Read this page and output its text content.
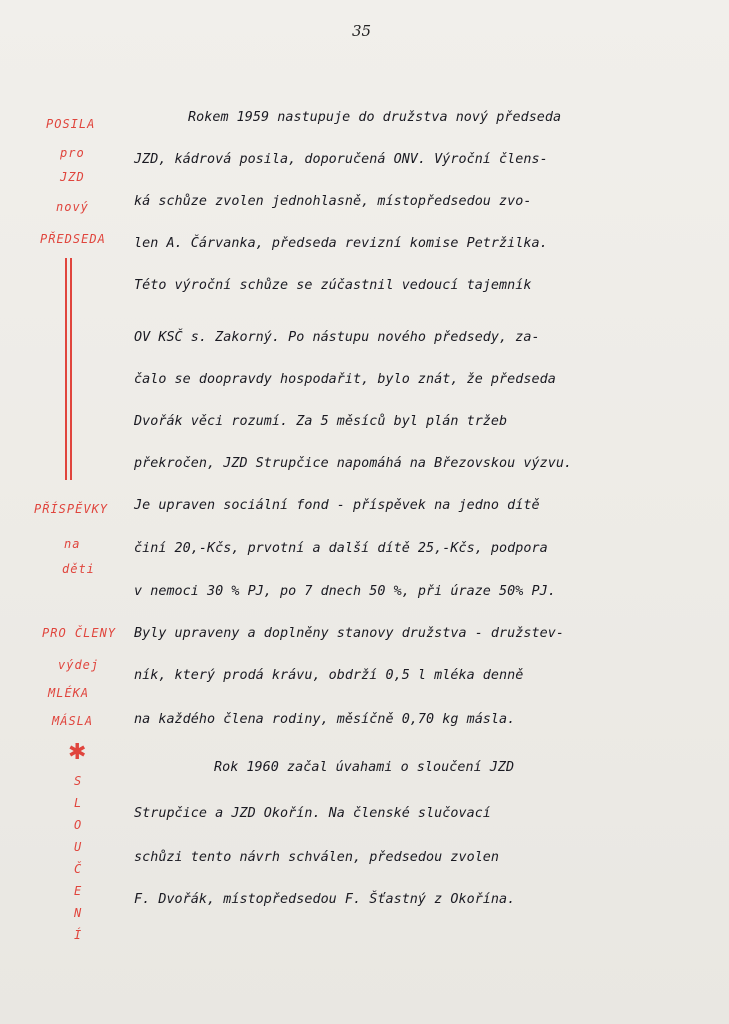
35
POSILA
pro
JZD
nový
PŘEDSEDA
PŘÍSPĚVKY
na
děti
PRO ČLENY
výdej
MLÉKA
MÁSLA
✱
S
L
O
U
Č
E
N
Í
Rokem 1959 nastupuje do družstva nový předseda
JZD, kádrová posila, doporučená ONV. Výroční člens-
ká schůze zvolen jednohlasně, místopředsedou zvo-
len A. Čárvanka, předseda revizní komise Petržilka.
Této výroční schůze se zúčastnil vedoucí tajemník
OV KSČ s. Zakorný. Po nástupu nového předsedy, za-
čalo se doopravdy hospodařit, bylo znát, že předseda
Dvořák věci rozumí. Za 5 měsíců byl plán tržeb
překročen, JZD Strupčice napomáhá na Březovskou výzvu.
Je upraven sociální fond - příspěvek na jedno dítě
činí 20,-Kčs, prvotní a další dítě 25,-Kčs, podpora
v nemoci 30 % PJ, po 7 dnech 50 %, při úraze 50% PJ.
Byly upraveny a doplněny stanovy družstva - družstev-
ník, který prodá krávu, obdrží 0,5 l mléka denně
na každého člena rodiny, měsíčně 0,70 kg másla.
Rok 1960 začal úvahami o sloučení JZD
Strupčice a JZD Okořín. Na členské slučovací
schůzi tento návrh schválen, předsedou zvolen
F. Dvořák, místopředsedou F. Šťastný z Okořína.
